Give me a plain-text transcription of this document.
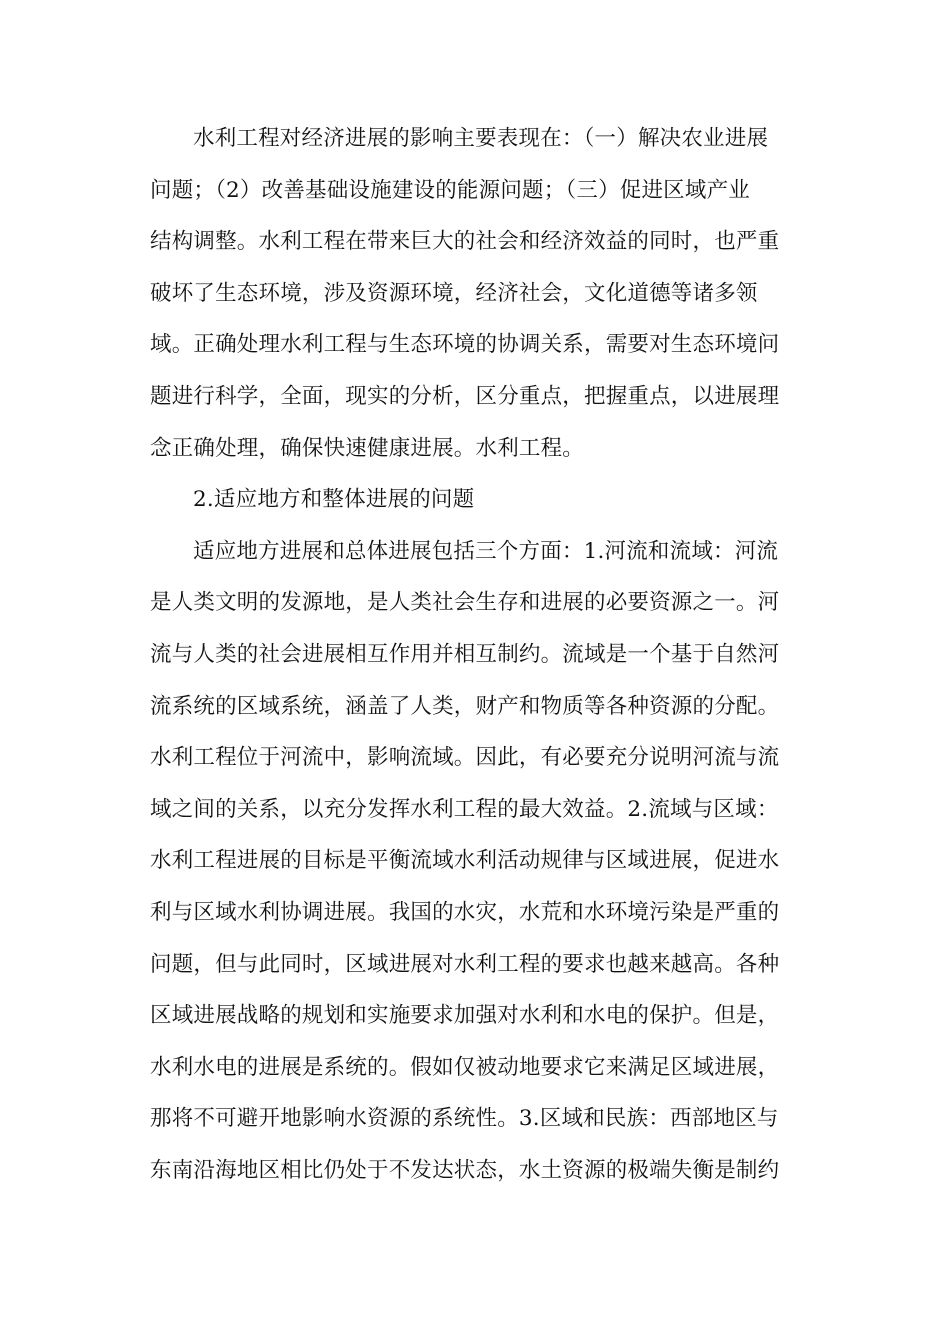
水利工程对经济进展的影响主要表现在：（一）解决农业进展
问题；（2）改善基础设施建设的能源问题；（三）促进区域产业
结构调整。水利工程在带来巨大的社会和经济效益的同时，也严重
破坏了生态环境，涉及资源环境，经济社会，文化道德等诸多领
域。正确处理水利工程与生态环境的协调关系，需要对生态环境问
题进行科学，全面，现实的分析，区分重点，把握重点，以进展理
念正确处理，确保快速健康进展。水利工程。
2.适应地方和整体进展的问题
适应地方进展和总体进展包括三个方面：1.河流和流域：河流
是人类文明的发源地，是人类社会生存和进展的必要资源之一。河
流与人类的社会进展相互作用并相互制约。流域是一个基于自然河
流系统的区域系统，涵盖了人类，财产和物质等各种资源的分配。
水利工程位于河流中，影响流域。因此，有必要充分说明河流与流
域之间的关系，以充分发挥水利工程的最大效益。2.流域与区域：
水利工程进展的目标是平衡流域水利活动规律与区域进展，促进水
利与区域水利协调进展。我国的水灾，水荒和水环境污染是严重的
问题，但与此同时，区域进展对水利工程的要求也越来越高。各种
区域进展战略的规划和实施要求加强对水利和水电的保护。但是，
水利水电的进展是系统的。假如仅被动地要求它来满足区域进展，
那将不可避开地影响水资源的系统性。3.区域和民族：西部地区与
东南沿海地区相比仍处于不发达状态，水土资源的极端失衡是制约
